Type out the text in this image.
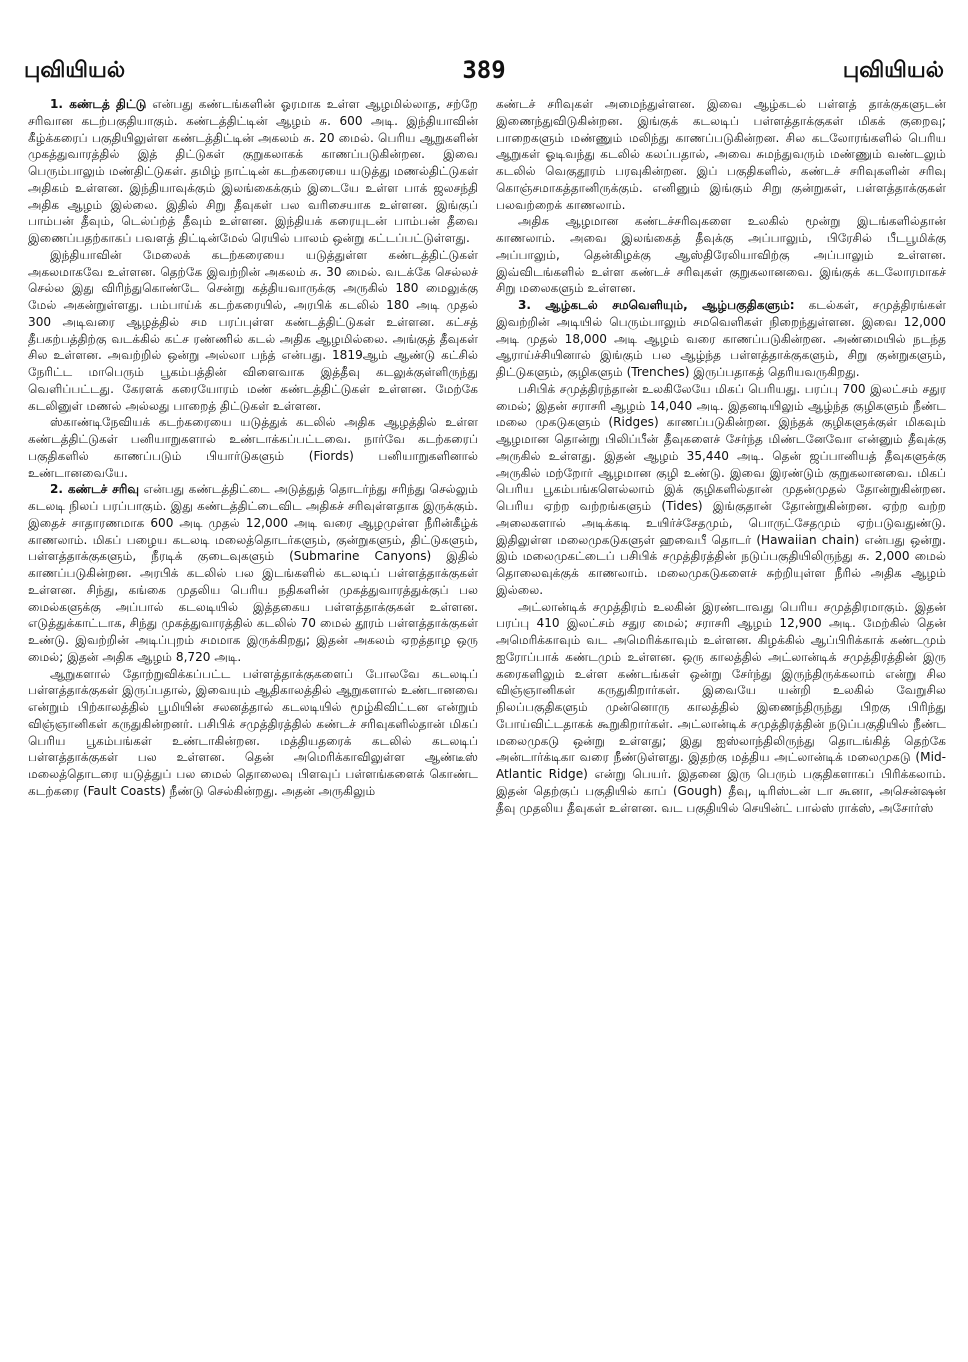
புவியியல்	389	புவியியல்

1. கண்டத் திட்டு என்பது கண்டங்களின் ஓரமாக உள்ள ஆழமில்லாத, சற்றே சரிவான கடற்பகுதியாகும். கண்டத்திட்டின் ஆழம் சு. 600 அடி. இந்தியாவின் கீழ்க்கரைப் பகுதியிலுள்ள கண்டத்திட்டின் அகலம் சு. 20 மைல். பெரிய ஆறுகளின் முகத்துவாரத்தில் இத் திட்டுகள் குறுகலாகக் காணப்படுகின்றன. இவை பெரும்பாலும் மண்திட்டுகள். தமிழ் நாட்டின் கடற்கரையை யடுத்து மணல்திட்டுகள் அதிகம் உள்ளன. இந்தியாவுக்கும் இலங்கைக்கும் இடையே உள்ள பாக் ஜலசந்தி அதிக ஆழம் இல்லை. இதில் சிறு தீவுகள் பல வரிசையாக உள்ளன. இங்குப் பாம்பன் தீவும், டெல்ப்ற்த் தீவும் உள்ளன. இந்தியக் கரையுடன் பாம்பன் தீவை இணைப்பதற்காகப் பவளத் திட்டின்மேல் ரெயில் பாலம் ஒன்று கட்டப்பட்டுள்ளது.

இந்தியாவின் மேலைக் கடற்கரையை யடுத்துள்ள கண்டத்திட்டுகள் அகலமாகவே உள்ளன. தெற்கே இவற்றின் அகலம் சு. 30 மைல். வடக்கே செல்லச் செல்ல இது விரிந்துகொண்டே சென்று கத்தியவாருக்கு அருகில் 180 மைலுக்கு மேல் அகன்றுள்ளது. பம்பாய்க் கடற்கரையில், அரபிக் கடலில் 180 அடி முதல் 300 அடிவரை ஆழத்தில் சம பரப்புள்ள கண்டத்திட்டுகள் உள்ளன. கட்சத் தீபகற்பத்திற்கு வடக்கில் கட்ச ரண்ணில் கடல் அதிக ஆழமில்லை. அங்குத் தீவுகள் சில உள்ளன. அவற்றில் ஒன்று அல்லா பந்த் என்பது. 1819ஆம் ஆண்டு கட்சில் நேரிட்ட மாபெரும் பூகம்பத்தின் விளைவாக இத்தீவு கடலுக்குள்ளிருந்து வெளிப்பட்டது. கேரளக் கரையோரம் மண் கண்டத்திட்டுகள் உள்ளன. மேற்கே கடலினுள் மணல் அல்லது பாறைத் திட்டுகள் உள்ளன.

ஸ்காண்டிநேவியக் கடற்கரையை யடுத்துக் கடலில் அதிக ஆழத்தில் உள்ள கண்டத்திட்டுகள் பனியாறுகளால் உண்டாக்கப்பட்டவை. நார்வே கடற்கரைப் பகுதிகளில் காணப்படும் பியார்டுகளும் (Fiords) பனியாறுகளினால் உண்டானவையே.

2. கண்டச் சரிவு என்பது கண்டத்திட்டை அடுத்துத் தொடர்ந்து சரிந்து செல்லும் கடலடி நிலப் பரப்பாகும். இது கண்டத்திட்டைவிட அதிகச் சரிவுள்ளதாக இருக்கும். இதைச் சாதாரணமாக 600 அடி முதல் 12,000 அடி வரை ஆழமுள்ள நீரின்கீழ்க் காணலாம். மிகப் பழைய கடலடி மலைத்தொடர்களும், குன்றுகளும், திட்டுகளும், பள்ளத்தாக்குகளும், நீரடிக் குடைவுகளும் (Submarine Canyons) இதில் காணப்படுகின்றன. அரபிக் கடலில் பல இடங்களில் கடலடிப் பள்ளத்தாக்குகள் உள்ளன. சிந்து, கங்கை முதலிய பெரிய நதிகளின் முகத்துவாரத்துக்குப் பல மைல்களுக்கு அப்பால் கடலடியில் இத்தகைய பள்ளத்தாக்குகள் உள்ளன. எடுத்துக்காட்டாக, சிந்து முகத்துவாரத்தில் கடலில் 70 மைல் தூரம் பள்ளத்தாக்குகள் உண்டு. இவற்றின் அடிப்புறம் சமமாக இருக்கிறது; இதன் அகலம் ஏறத்தாழ ஒரு மைல்; இதன் அதிக ஆழம் 8,720 அடி.

ஆறுகளால் தோற்றுவிக்கப்பட்ட பள்ளத்தாக்குகளைப் போலவே கடலடிப் பள்ளத்தாக்குகள் இருப்பதால், இவையும் ஆதிகாலத்தில் ஆறுகளால் உண்டானவை என்றும் பிற்காலத்தில் பூமியின் சலனத்தால் கடலடியில் மூழ்கிவிட்டன என்றும் விஞ்ஞானிகள் கருதுகின்றனர். பசிபிக் சமுத்திரத்தில் கண்டச் சரிவுகளில்தான் மிகப் பெரிய பூகம்பங்கள் உண்டாகின்றன. மத்தியதரைக் கடலில் கடலடிப் பள்ளத்தாக்குகள் பல உள்ளன. தென் அமெரிக்காவிலுள்ள ஆண்டீஸ் மலைத்தொடரை யடுத்துப் பல மைல் தொலைவு பிளவுப் பள்ளங்களைக் கொண்ட கடற்கரை (Fault Coasts) நீண்டு செல்கின்றது. அதன் அருகிலும்

கண்டச் சரிவுகள் அமைந்துள்ளன. இவை ஆழ்கடல் பள்ளத் தாக்குகளுடன் இணைந்துவிடுகின்றன. இங்குக் கடலடிப் பள்ளத்தாக்குகள் மிகக் குறைவு; பாறைகளும் மண்ணும் மலிந்து காணப்படுகின்றன. சில கடலோரங்களில் பெரிய ஆறுகள் ஓடிவந்து கடலில் கலப்பதால், அவை சுமந்துவரும் மண்ணும் வண்டலும் கடலில் வெகுதூரம் பரவுகின்றன. இப் பகுதிகளில், கண்டச் சரிவுகளின் சரிவு கொஞ்சமாகத்தானிருக்கும். எனினும் இங்கும் சிறு குன்றுகள், பள்ளத்தாக்குகள் பலவற்றைக் காணலாம்.

அதிக ஆழமான கண்டச்சரிவுகளை உலகில் மூன்று இடங்களில்தான் காணலாம். அவை இலங்கைத் தீவுக்கு அப்பாலும், பிரேசில் பீடபூமிக்கு அப்பாலும், தென்கிழக்கு ஆஸ்திரேலியாவிற்கு அப்பாலும் உள்ளன. இவ்விடங்களில் உள்ள கண்டச் சரிவுகள் குறுகலானவை. இங்குக் கடலோரமாகச் சிறு மலைகளும் உள்ளன.

3. ஆழ்கடல் சமவெளியும், ஆழ்பகுதிகளும்: கடல்கள், சமுத்திரங்கள் இவற்றின் அடியில் பெரும்பாலும் சமவெளிகள் நிறைந்துள்ளன. இவை 12,000 அடி முதல் 18,000 அடி ஆழம் வரை காணப்படுகின்றன. அண்மையில் நடந்த ஆராய்ச்சியினால் இங்கும் பல ஆழ்ந்த பள்ளத்தாக்குகளும், சிறு குன்றுகளும், திட்டுகளும், குழிகளும் (Trenches) இருப்பதாகத் தெரியவருகிறது.

பசிபிக் சமுத்திரந்தான் உலகிலேயே மிகப் பெரியது. பரப்பு 700 இலட்சம் சதுர மைல்; இதன் சராசரி ஆழம் 14,040 அடி. இதனடியிலும் ஆழ்ந்த குழிகளும் நீண்ட மலை முகடுகளும் (Ridges) காணப்படுகின்றன. இந்தக் குழிகளுக்குள் மிகவும் ஆழமான தொன்று பிலிப்பீன் தீவுகளைச் சேர்ந்த மிண்டனேவோ என்னும் தீவுக்கு அருகில் உள்ளது. இதன் ஆழம் 35,440 அடி. தென் ஜப்பானியத் தீவுகளுக்கு அருகில் மற்றோர் ஆழமான குழி உண்டு. இவை இரண்டும் குறுகலானவை. மிகப் பெரிய பூகம்பங்களெல்லாம் இக் குழிகளில்தான் முதன்முதல் தோன்றுகின்றன. பெரிய ஏற்ற வற்றங்களும் (Tides) இங்குதான் தோன்றுகின்றன. ஏற்ற வற்ற அலைகளால் அடிக்கடி உயிர்ச்சேதமும், பொருட்சேதமும் ஏற்படுவதுண்டு. இதிலுள்ள மலைமுகடுகளுள் ஹவைபீ தொடர் (Hawaiian chain) என்பது ஒன்று. இம் மலைமுகட்டைப் பசிபிக் சமுத்திரத்தின் நடுப்பகுதியிலிருந்து சு. 2,000 மைல் தொலைவுக்குக் காணலாம். மலைமுகடுகளைச் சுற்றியுள்ள நீரில் அதிக ஆழம் இல்லை.

அட்லான்டிக் சமுத்திரம் உலகின் இரண்டாவது பெரிய சமுத்திரமாகும். இதன் பரப்பு 410 இலட்சம் சதுர மைல்; சராசரி ஆழம் 12,900 அடி. மேற்கில் தென் அமெரிக்காவும் வட அமெரிக்காவும் உள்ளன. கிழக்கில் ஆப்பிரிக்காக் கண்டமும் ஐரோப்பாக் கண்டமும் உள்ளன. ஒரு காலத்தில் அட்லான்டிக் சமுத்திரத்தின் இரு கரைகளிலும் உள்ள கண்டங்கள் ஒன்று சேர்ந்து இருந்திருக்கலாம் என்று சில விஞ்ஞானிகள் கருதுகிறார்கள். இவையே யன்றி உலகில் வேறுசில நிலப்பகுதிகளும் முன்னொரு காலத்தில் இணைந்திருந்து பிறகு பிரிந்து போய்விட்டதாகக் கூறுகிறார்கள். அட்லான்டிக் சமுத்திரத்தின் நடுப்பகுதியில் நீண்ட மலைமுகடு ஒன்று உள்ளது; இது ஐஸ்லாந்திலிருந்து தொடங்கித் தெற்கே அன்டார்க்டிகா வரை நீண்டுள்ளது. இதற்கு மத்திய அட்லான்டிக் மலைமுகடு (Mid-Atlantic Ridge) என்று பெயர். இதனை இரு பெரும் பகுதிகளாகப் பிரிக்கலாம். இதன் தெற்குப் பகுதியில் காப் (Gough) தீவு, டிரிஸ்டன் டா கூனா, அசென்ஷன் தீவு முதலிய தீவுகள் உள்ளன. வட பகுதியில் செயின்ட் பால்ஸ் ராக்ஸ், அசோர்ஸ்
